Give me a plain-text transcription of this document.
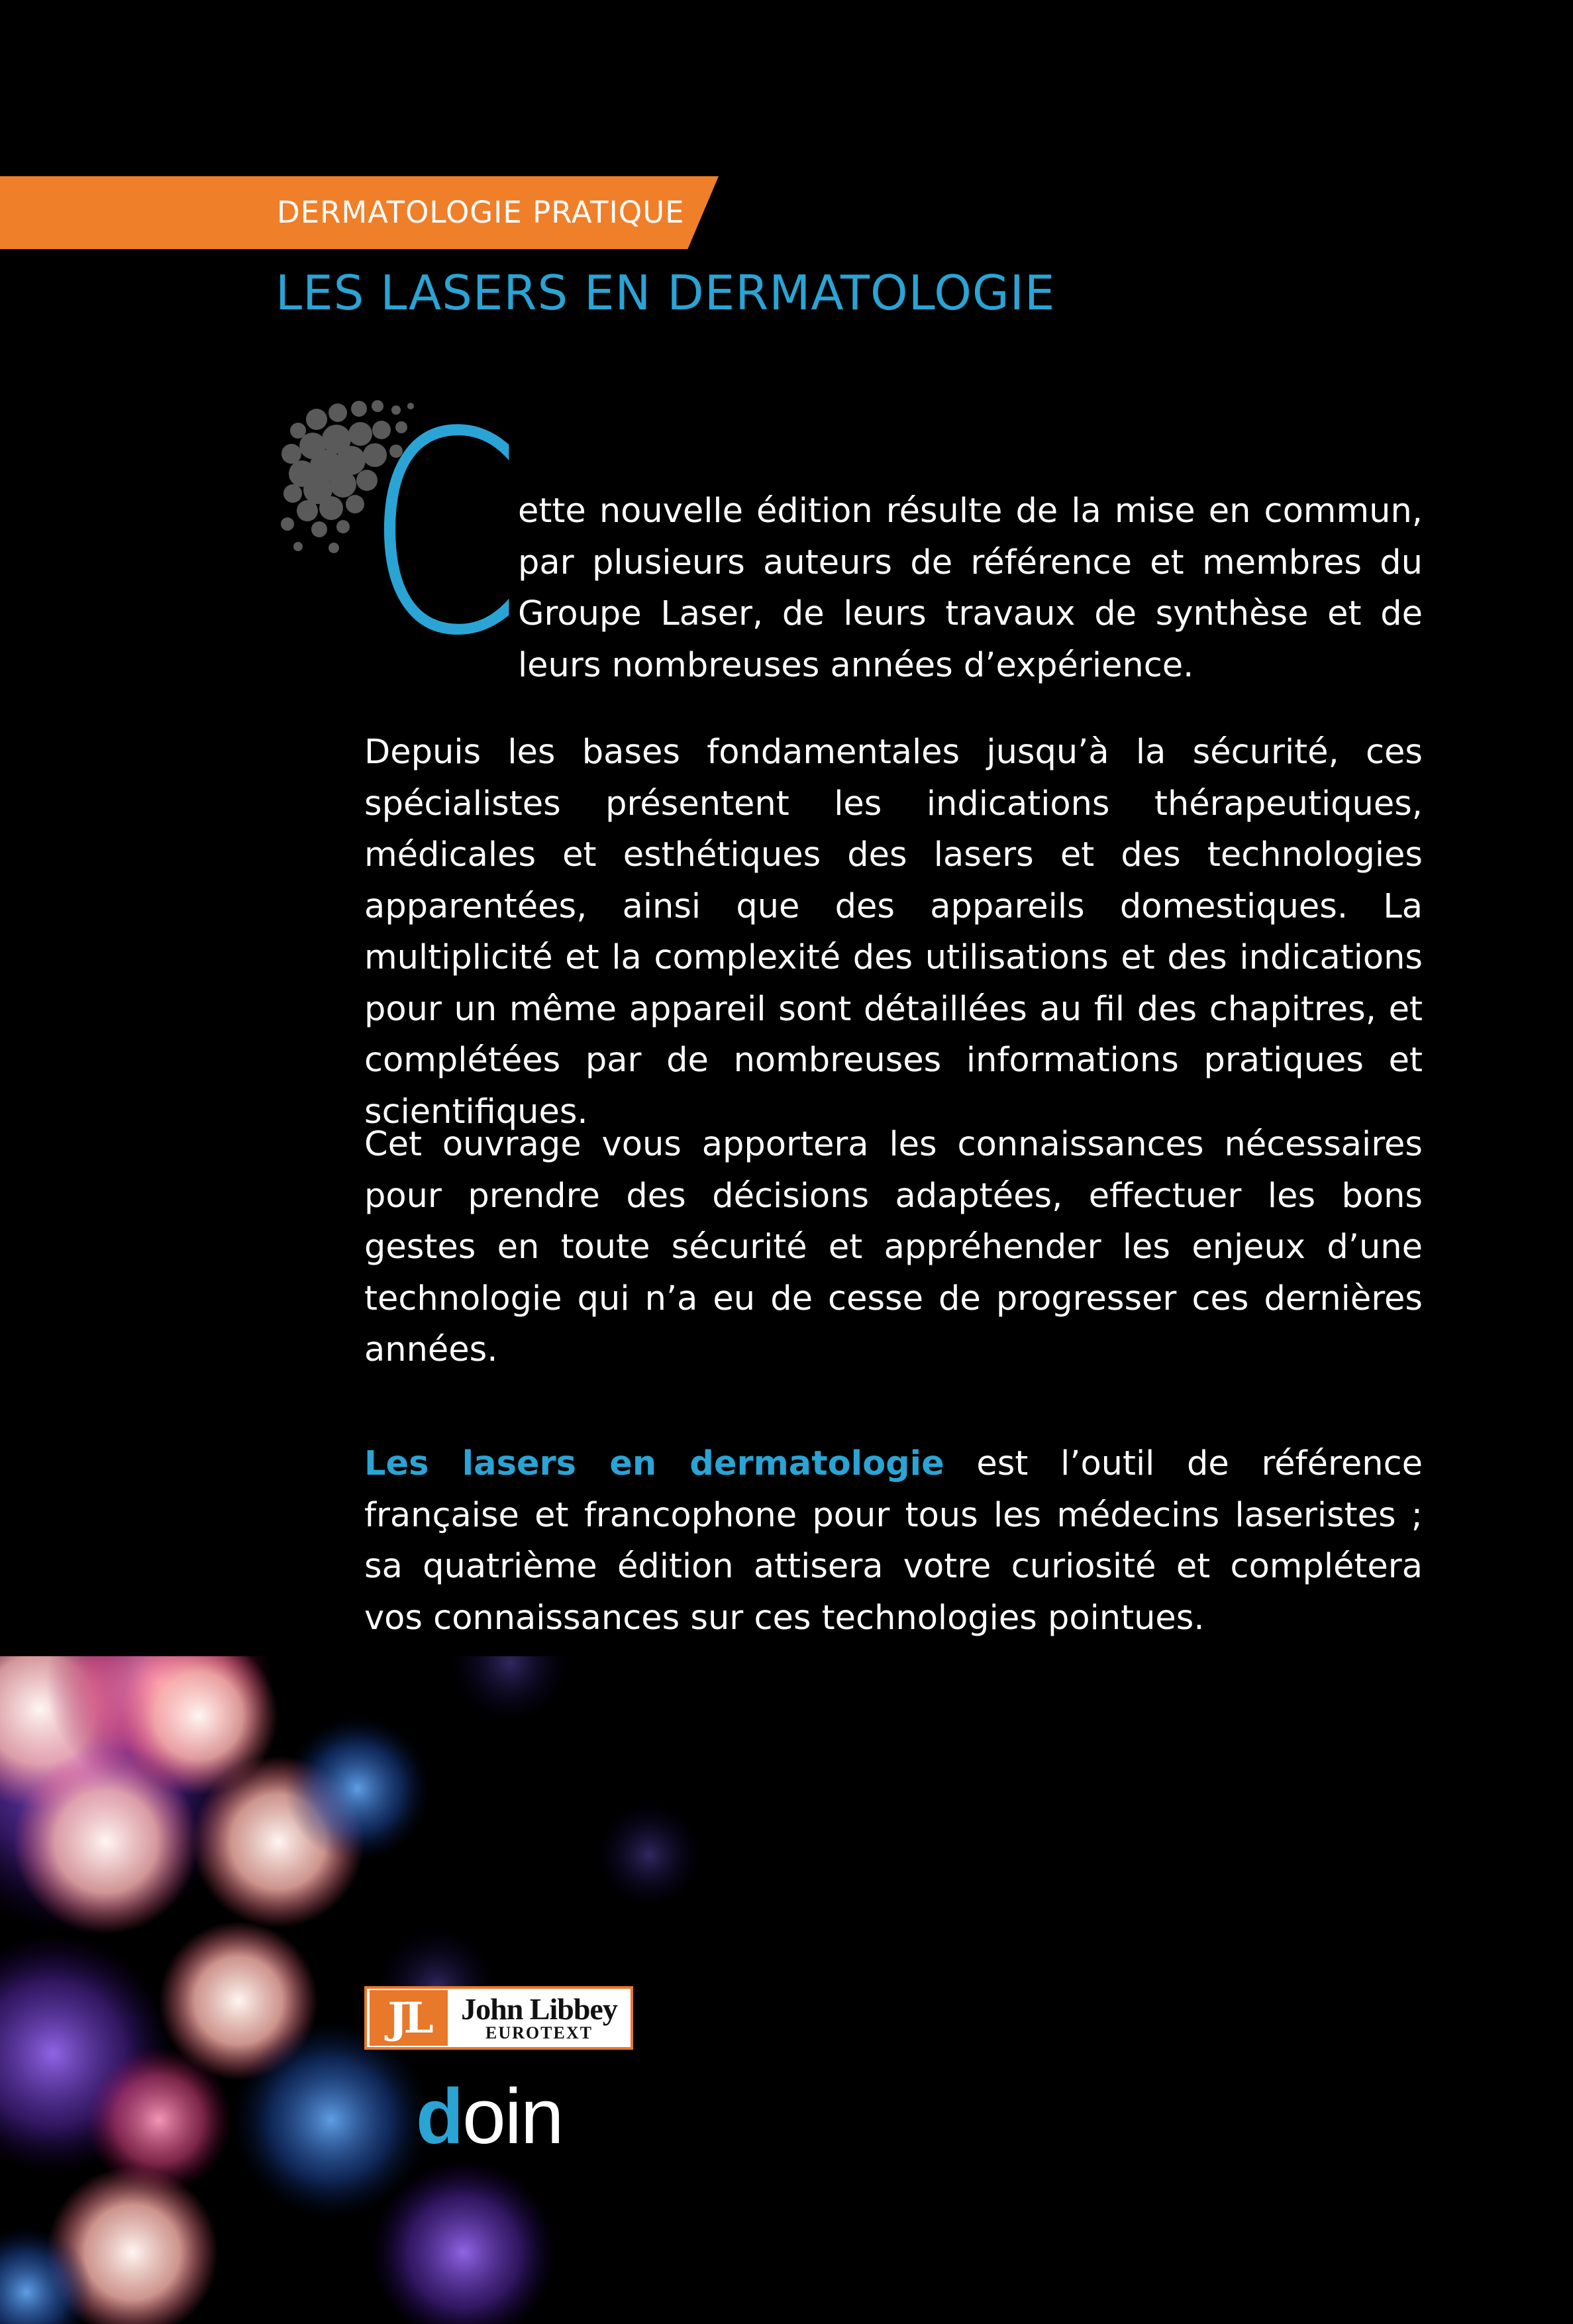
DERMATOLOGIE PRATIQUE
LES LASERS EN DERMATOLOGIE
C

ette nouvelle édition résulte de la mise en commun, par plusieurs auteurs de référence et membres du Groupe Laser, de leurs travaux de synthèse et de leurs nombreuses années d’expérience.

Depuis les bases fondamentales jusqu’à la sécurité, ces spécialistes présentent les indications thérapeutiques, médicales et esthétiques des lasers et des technologies apparentées, ainsi que des appareils domestiques. La multiplicité et la complexité des utilisations et des indications pour un même appareil sont détaillées au fil des chapitres, et complétées par de nombreuses informations pratiques et scientifiques.

Cet ouvrage vous apportera les connaissances nécessaires pour prendre des décisions adaptées, effectuer les bons gestes en toute sécurité et appréhender les enjeux d’une technologie qui n’a eu de cesse de progresser ces dernières années.

Les lasers en dermatologie est l’outil de référence française et francophone pour tous les médecins laseristes ; sa quatrième édition attisera votre curiosité et complétera vos connaissances sur ces technologies pointues.

JL	John Libbey
EUROTEXT
doin
